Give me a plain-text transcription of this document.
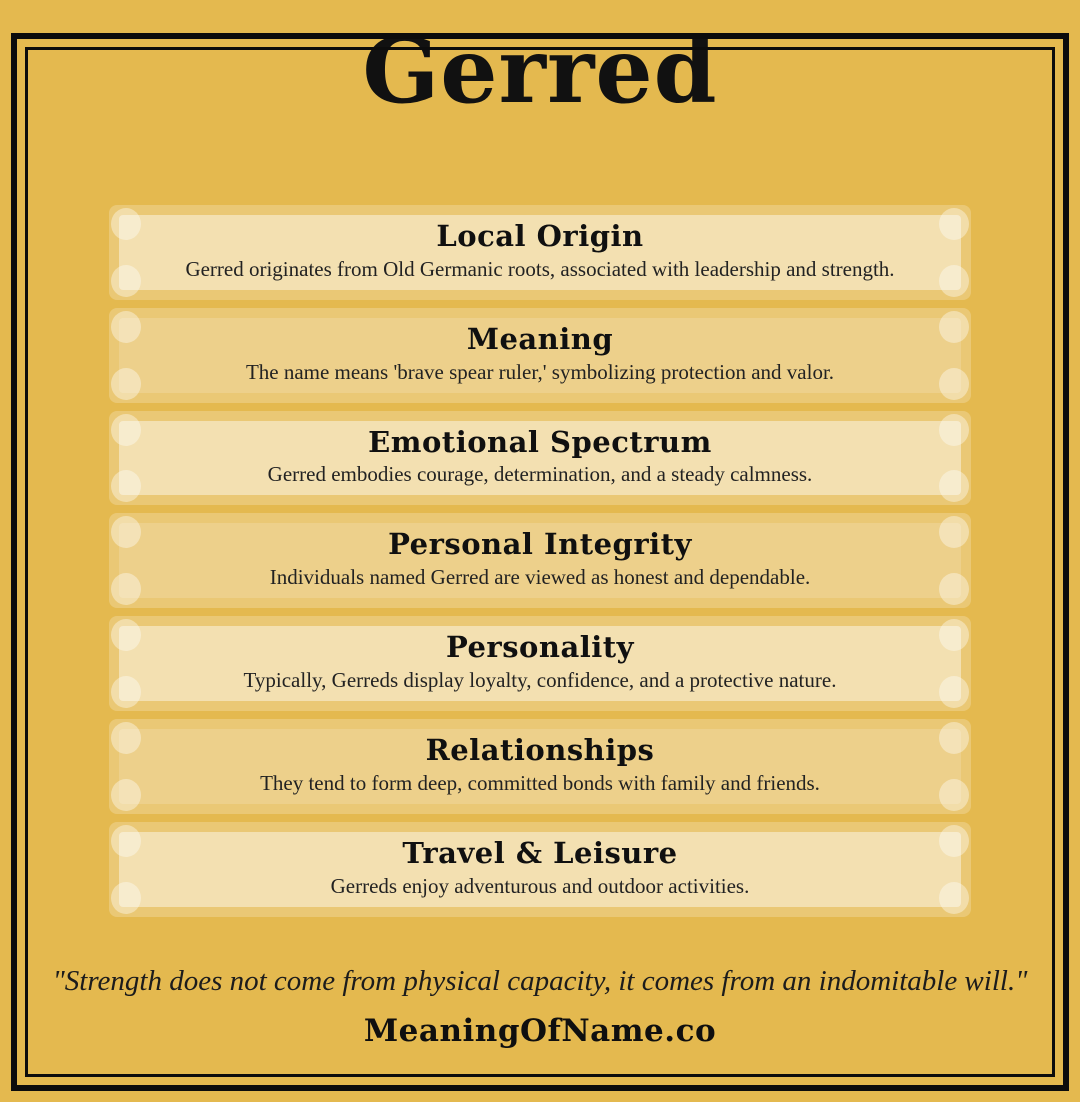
Gerred
Local Origin

Gerred originates from Old Germanic roots, associated with leadership and strength.

Meaning

The name means 'brave spear ruler,' symbolizing protection and valor.

Emotional Spectrum

Gerred embodies courage, determination, and a steady calmness.

Personal Integrity

Individuals named Gerred are viewed as honest and dependable.

Personality

Typically, Gerreds display loyalty, confidence, and a protective nature.

Relationships

They tend to form deep, committed bonds with family and friends.

Travel & Leisure

Gerreds enjoy adventurous and outdoor activities.

"Strength does not come from physical capacity, it comes from an indomitable will."
MeaningOfName.co
